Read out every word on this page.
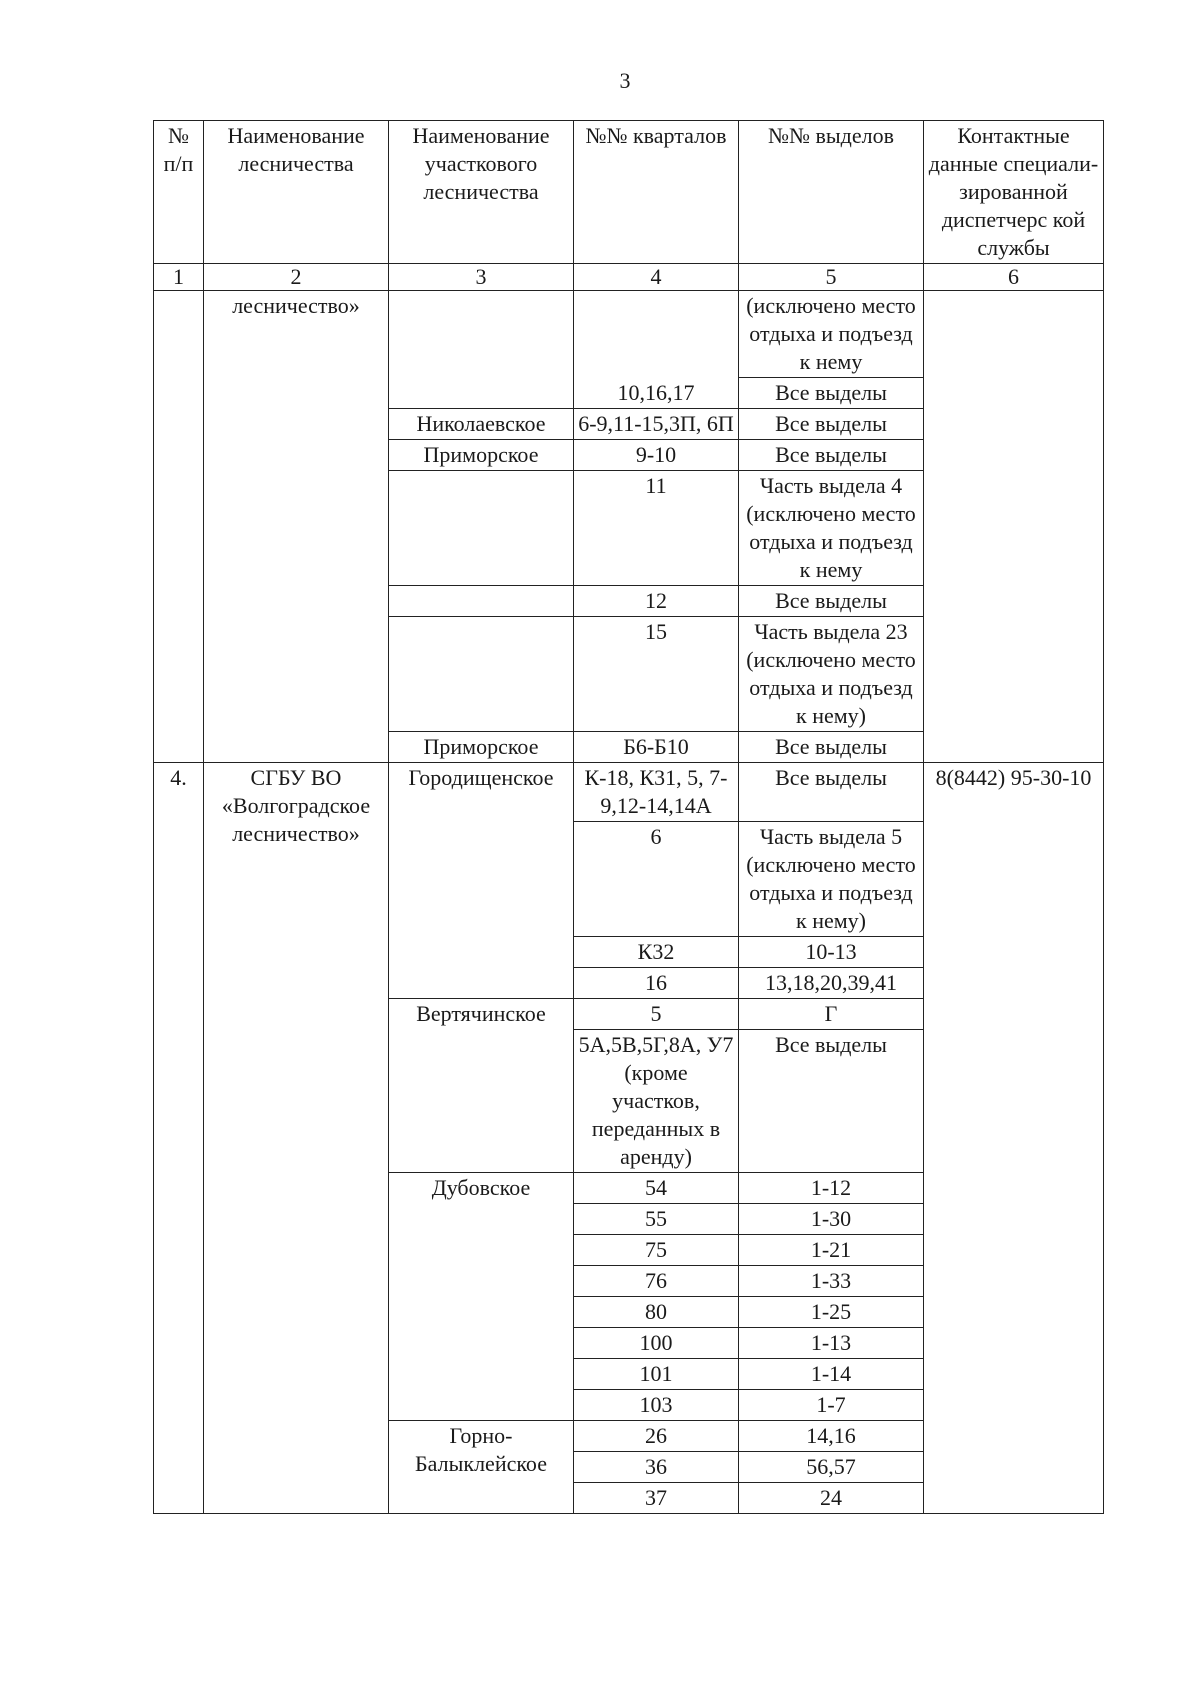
3
№ п/п	Наименование лесничества	Наименование участкового лесничества	№№ кварталов	№№ выделов	Контактные данные специали-зированной диспетчерс кой службы
1	2	3	4	5	6
	лесничество»			(исключено место отдыха и подъезд к нему	
			10,16,17	Все выделы	
		Николаевское	6-9,11-15,3П, 6П	Все выделы	
		Приморское	9-10	Все выделы	
			11	Часть выдела 4 (исключено место отдыха и подъезд к нему	
			12	Все выделы	
			15	Часть выдела 23 (исключено место отдыха и подъезд к нему)	
		Приморское	Б6-Б10	Все выделы	
4.	СГБУ ВО «Волгоградское лесничество»	Городищенское	К-18, К31, 5, 7-9,12-14,14А	Все выделы	8(8442) 95-30-10
			6	Часть выдела 5 (исключено место отдыха и подъезд к нему)	
			К32	10-13	
			16	13,18,20,39,41	
		Вертячинское	5	Г	
			5А,5В,5Г,8А, У7 (кроме участков, переданных в аренду)	Все выделы	
		Дубовское	54	1-12	
			55	1-30	
			75	1-21	
			76	1-33	
			80	1-25	
			100	1-13	
			101	1-14	
			103	1-7	
		Горно-Балыклейское	26	14,16	
			36	56,57	
			37	24	
